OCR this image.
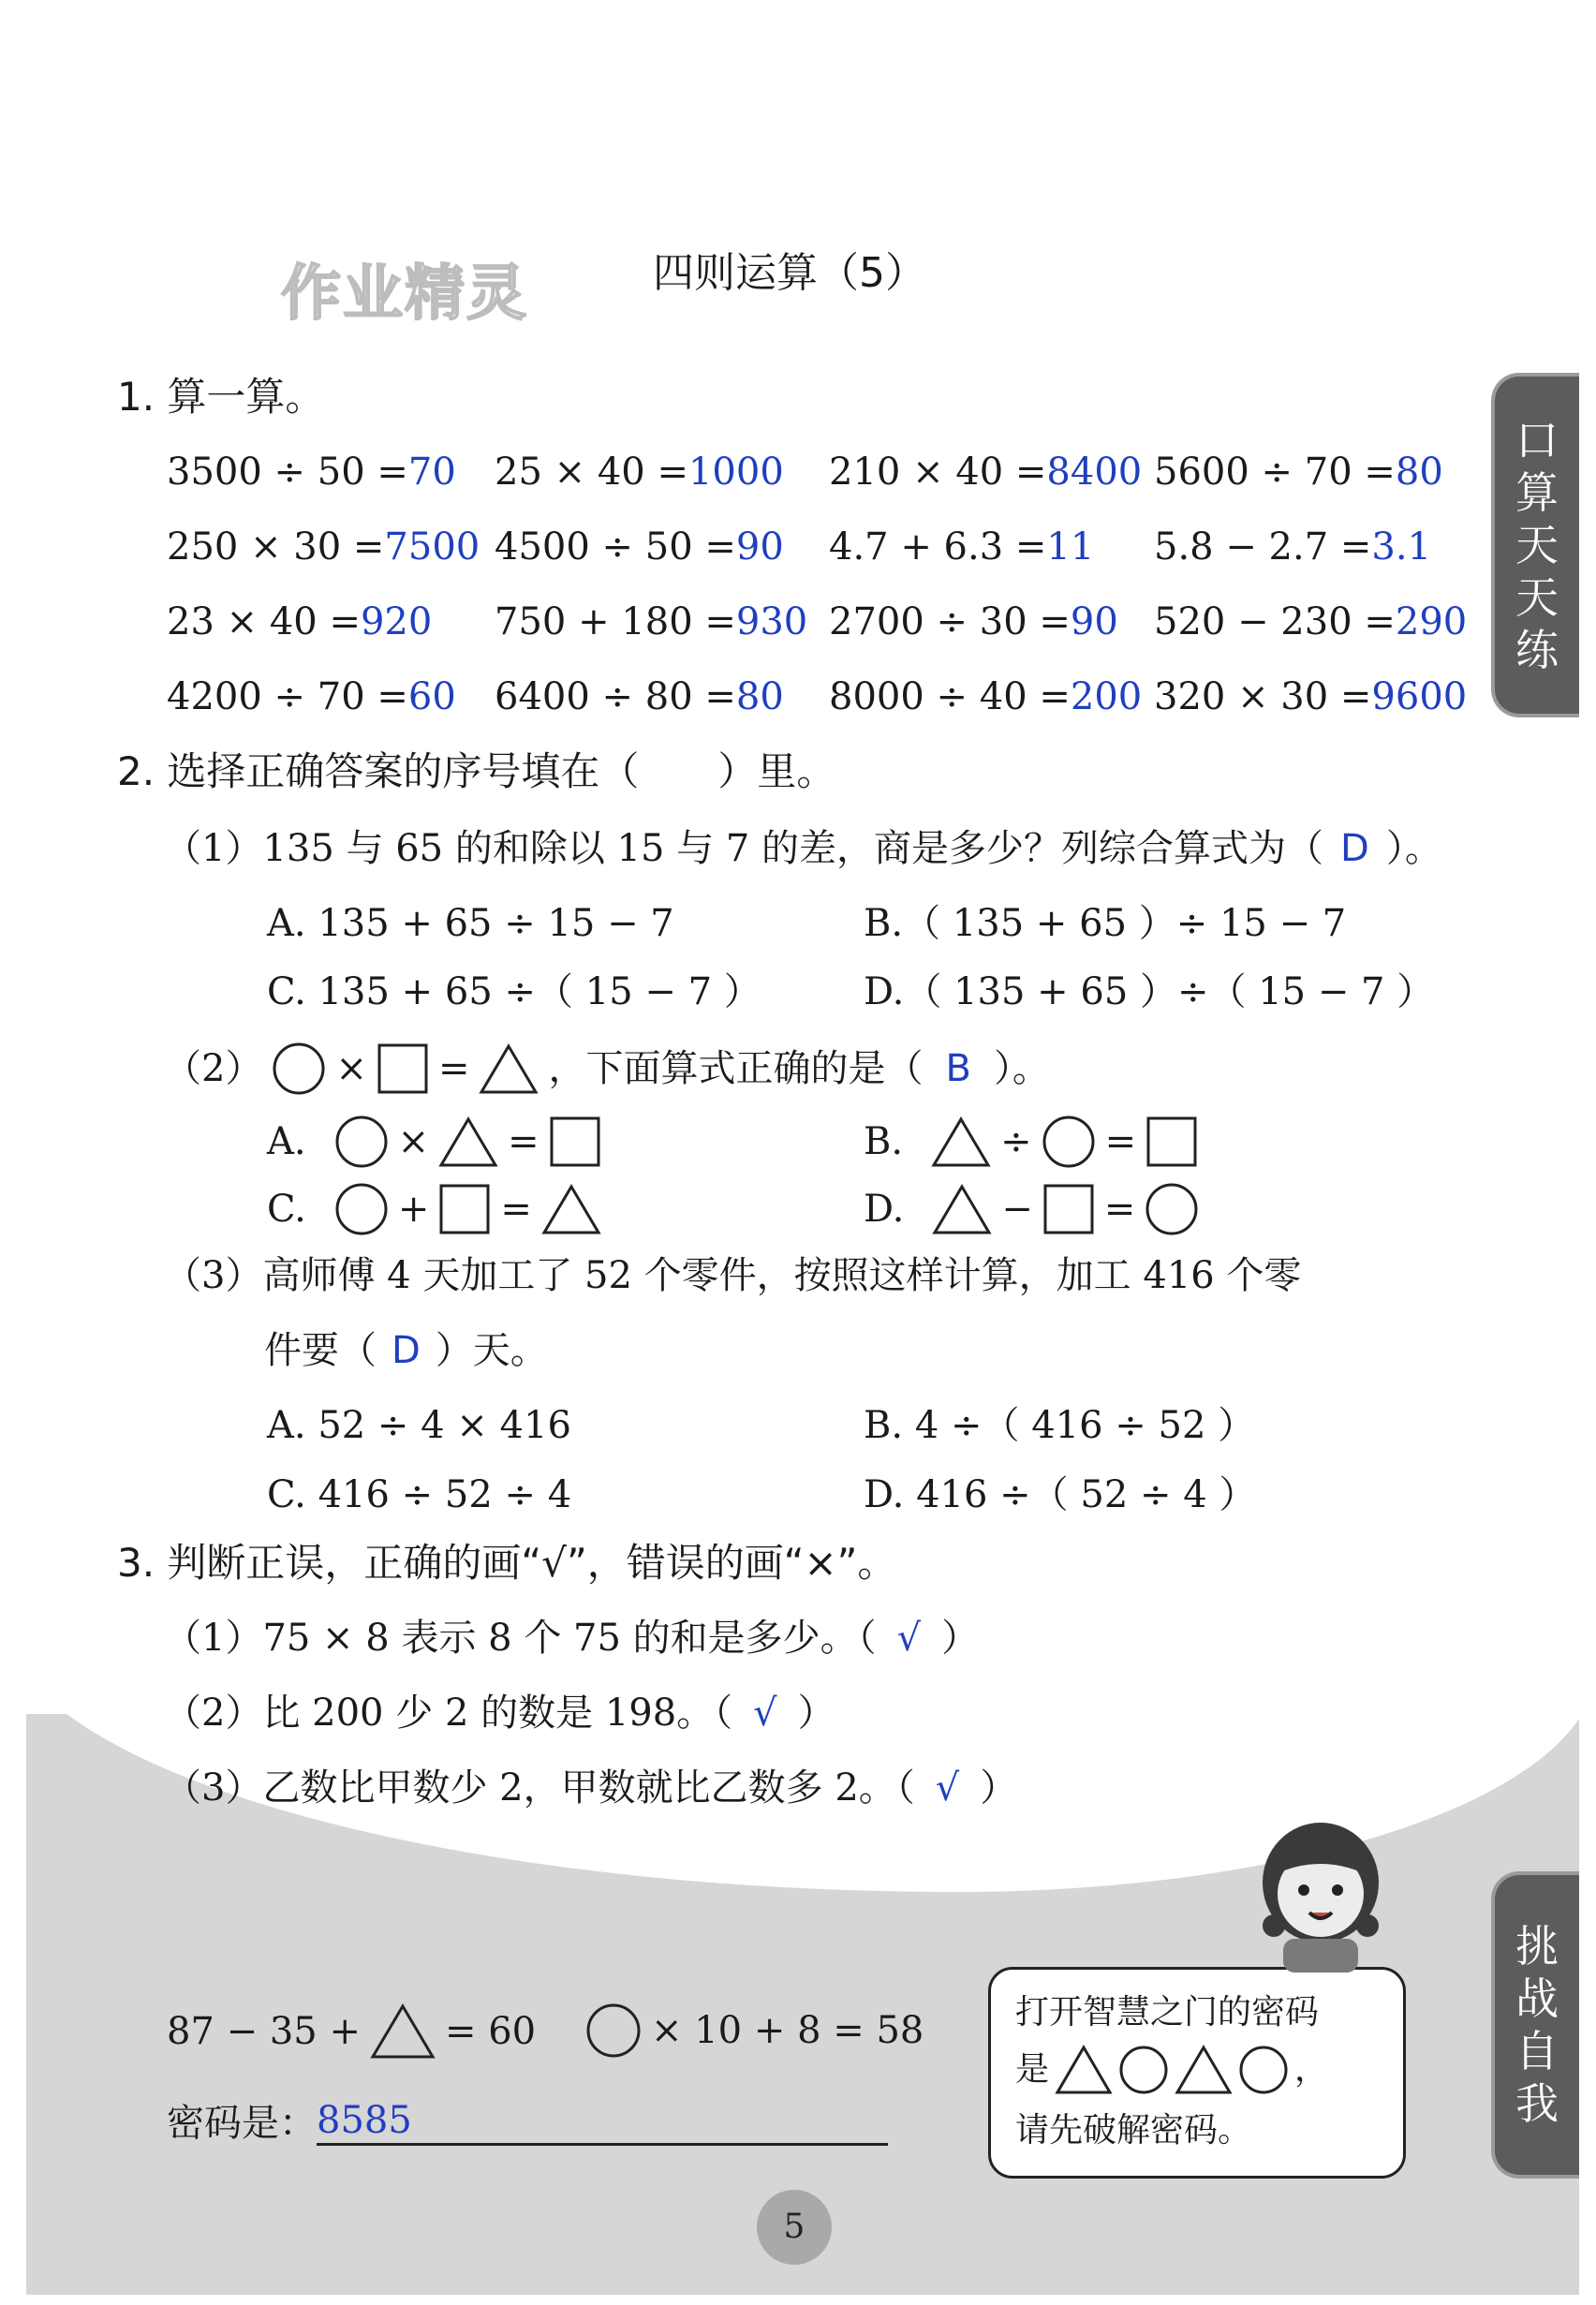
作业精灵	四则运算（5）
口
算
天
天
练
挑
战
自
我
1. 算一算。
3500 ÷ 50 =70 25 × 40 =1000 210 × 40 =8400 5600 ÷ 70 =80
250 × 30 =7500 4500 ÷ 50 =90 4.7 + 6.3 =11 5.8 − 2.7 =3.1
23 × 40 =920 750 + 180 =930 2700 ÷ 30 =90 520 − 230 =290
4200 ÷ 70 =60 6400 ÷ 80 =80 8000 ÷ 40 =200 320 × 30 =9600
2. 选择正确答案的序号填在（　　）里。
（1）135 与 65 的和除以 15 与 7 的差，商是多少？列综合算式为（ D ）。
A. 135 + 65 ÷ 15 − 7	B.（ 135 + 65 ）÷ 15 − 7
C. 135 + 65 ÷（ 15 − 7 ）	D.（ 135 + 65 ）÷（ 15 − 7 ）
（2） × = ，下面算式正确的是（ B ）。
A. × =	B.	÷ =
C. + =	D.	− =
（3）高师傅 4 天加工了 52 个零件，按照这样计算，加工 416 个零
件要（ D ）天。
A. 52 ÷ 4 × 416	B. 4 ÷（ 416 ÷ 52 ）
C. 416 ÷ 52 ÷ 4	D. 416 ÷（ 52 ÷ 4 ）
3. 判断正误，正确的画“√”，错误的画“×”。
（1）75 × 8 表示 8 个 75 的和是多少。（ √ ）
（2）比 200 少 2 的数是 198。（ √ ）
（3）乙数比甲数少 2，甲数就比乙数多 2。（ √ ）
87 − 35 + = 60	× 10 + 8 = 58
密码是： 8585
打开智慧之门的密码
是	，
请先破解密码。
5
